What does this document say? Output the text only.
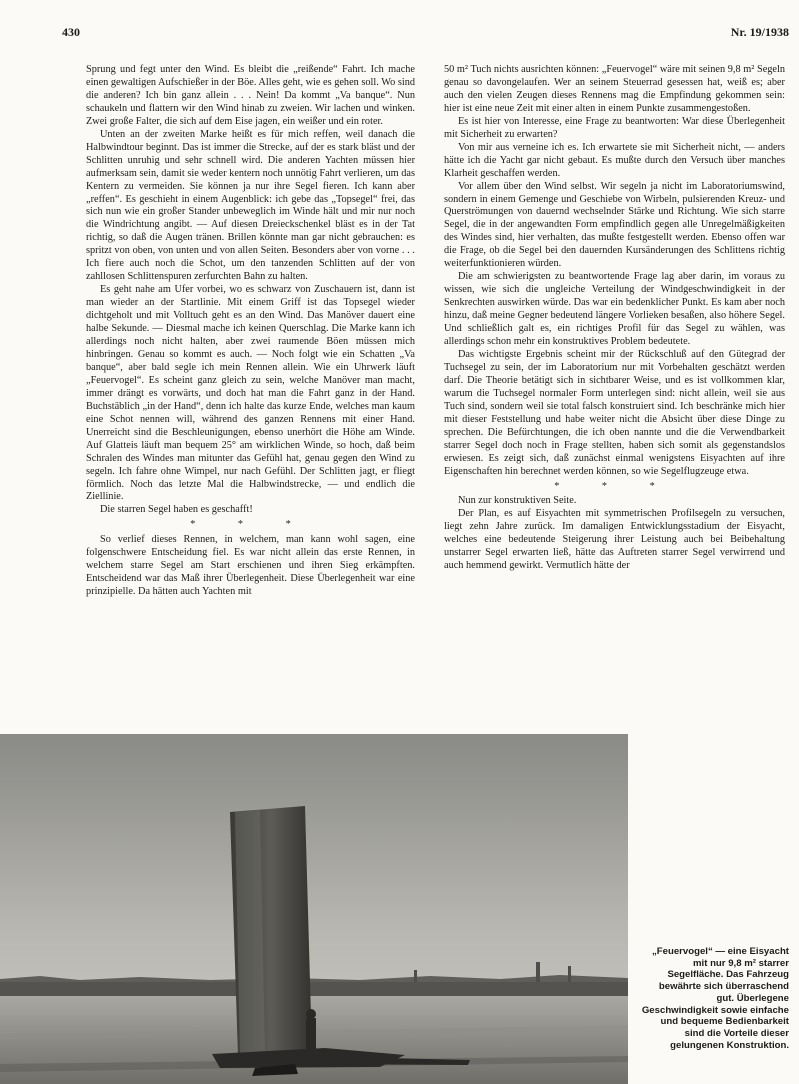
430	Nr. 19/1938

Sprung und fegt unter den Wind. Es bleibt die „reißende“ Fahrt. Ich mache einen gewaltigen Aufschießer in der Böe. Alles geht, wie es gehen soll. Wo sind die anderen? Ich bin ganz allein . . . Nein! Da kommt „Va banque“. Nun schaukeln und flattern wir den Wind hinab zu zweien. Wir lachen und winken. Zwei große Falter, die sich auf dem Eise jagen, ein weißer und ein roter.

Unten an der zweiten Marke heißt es für mich reffen, weil danach die Halbwindtour beginnt. Das ist immer die Strecke, auf der es stark bläst und der Schlitten unruhig und sehr schnell wird. Die anderen Yachten müssen hier aufmerksam sein, damit sie weder kentern noch unnötig Fahrt verlieren, um das Kentern zu vermeiden. Sie können ja nur ihre Segel fieren. Ich kann aber „reffen“. Es geschieht in einem Augenblick: ich gebe das „Topsegel“ frei, das sich nun wie ein großer Stander unbeweglich im Winde hält und mir nur noch die Windrichtung angibt. — Auf diesen Dreieckschenkel bläst es in der Tat richtig, so daß die Augen tränen. Brillen könnte man gar nicht gebrauchen: es spritzt von oben, von unten und von allen Seiten. Besonders aber von vorne . . . Ich fiere auch noch die Schot, um den tanzenden Schlitten auf der von zahllosen Schlittenspuren zerfurchten Bahn zu halten.

Es geht nahe am Ufer vorbei, wo es schwarz von Zuschauern ist, dann ist man wieder an der Startlinie. Mit einem Griff ist das Topsegel wieder dichtgeholt und mit Volltuch geht es an den Wind. Das Manöver dauert eine halbe Sekunde. — Diesmal mache ich keinen Querschlag. Die Marke kann ich allerdings noch nicht halten, aber zwei raumende Böen müssen mich hinbringen. Genau so kommt es auch. — Noch folgt wie ein Schatten „Va banque“, aber bald segle ich mein Rennen allein. Wie ein Uhrwerk läuft „Feuervogel“. Es scheint ganz gleich zu sein, welche Manöver man macht, immer drängt es vorwärts, und doch hat man die Fahrt ganz in der Hand. Buchstäblich „in der Hand“, denn ich halte das kurze Ende, welches man kaum eine Schot nennen will, während des ganzen Rennens mit einer Hand. Unerreicht sind die Beschleunigungen, ebenso unerhört die Höhe am Winde. Auf Glatteis läuft man bequem 25° am wirklichen Winde, so hoch, daß beim Schralen des Windes man mitunter das Gefühl hat, genau gegen den Wind zu segeln. Ich fahre ohne Wimpel, nur nach Gefühl. Der Schlitten jagt, er fliegt förmlich. Noch das letzte Mal die Halbwindstrecke, — und endlich die Ziellinie.

Die starren Segel haben es geschafft!

* * *

So verlief dieses Rennen, in welchem, man kann wohl sagen, eine folgenschwere Entscheidung fiel. Es war nicht allein das erste Rennen, in welchem starre Segel am Start erschienen und ihren Sieg erkämpften. Entscheidend war das Maß ihrer Überlegenheit. Diese Überlegenheit war eine prinzipielle. Da hätten auch Yachten mit

50 m² Tuch nichts ausrichten können: „Feuervogel“ wäre mit seinen 9,8 m² Segeln genau so davongelaufen. Wer an seinem Steuerrad gesessen hat, weiß es; aber auch den vielen Zeugen dieses Rennens mag die Empfindung gekommen sein: hier ist eine neue Zeit mit einer alten in einem Punkte zusammengestoßen.

Es ist hier von Interesse, eine Frage zu beantworten: War diese Überlegenheit mit Sicherheit zu erwarten?

Von mir aus verneine ich es. Ich erwartete sie mit Sicherheit nicht, — anders hätte ich die Yacht gar nicht gebaut. Es mußte durch den Versuch über manches Klarheit geschaffen werden.

Vor allem über den Wind selbst. Wir segeln ja nicht im Laboratoriumswind, sondern in einem Gemenge und Geschiebe von Wirbeln, pulsierenden Kreuz- und Querströmungen von dauernd wechselnder Stärke und Richtung. Wie sich starre Segel, die in der angewandten Form empfindlich gegen alle Unregelmäßigkeiten des Windes sind, hier verhalten, das mußte festgestellt werden. Ebenso offen war die Frage, ob die Segel bei den dauernden Kursänderungen des Schlittens richtig weiterfunktionieren würden.

Die am schwierigsten zu beantwortende Frage lag aber darin, im voraus zu wissen, wie sich die ungleiche Verteilung der Windgeschwindigkeit in der Senkrechten auswirken würde. Das war ein bedenklicher Punkt. Es kam aber noch hinzu, daß meine Gegner bedeutend längere Vorlieken besaßen, also höhere Segel. Und schließlich galt es, ein richtiges Profil für das Segel zu wählen, was allerdings schon mehr ein konstruktives Problem bedeutete.

Das wichtigste Ergebnis scheint mir der Rückschluß auf den Gütegrad der Tuchsegel zu sein, der im Laboratorium nur mit Vorbehalten geschätzt werden darf. Die Theorie betätigt sich in sichtbarer Weise, und es ist vollkommen klar, warum die Tuchsegel normaler Form unterlegen sind: nicht allein, weil sie aus Tuch sind, sondern weil sie total falsch konstruiert sind. Ich beschränke mich hier mit dieser Feststellung und habe weiter nicht die Absicht über diese Dinge zu sprechen. Die Befürchtungen, die ich oben nannte und die die Verwendbarkeit starrer Segel doch noch in Frage stellten, haben sich somit als gegenstandslos erwiesen. Es zeigt sich, daß zunächst einmal wenigstens Eisyachten auf ihre Eigenschaften hin berechnet werden können, so wie Segelflugzeuge etwa.

* * *

Nun zur konstruktiven Seite.

Der Plan, es auf Eisyachten mit symmetrischen Profilsegeln zu versuchen, liegt zehn Jahre zurück. Im damaligen Entwicklungsstadium der Eisyacht, welches eine bedeutende Steigerung ihrer Leistung auch bei Beibehaltung unstarrer Segel erwarten ließ, hätte das Auftreten starrer Segel verwirrend und auch hemmend gewirkt. Vermutlich hätte der

„Feuervogel“ — eine Eisyacht mit nur 9,8 m² starrer Segelfläche. Das Fahrzeug bewährte sich überraschend gut. Überlegene Geschwindigkeit sowie einfache und bequeme Bedienbarkeit sind die Vorteile dieser gelungenen Konstruktion.
